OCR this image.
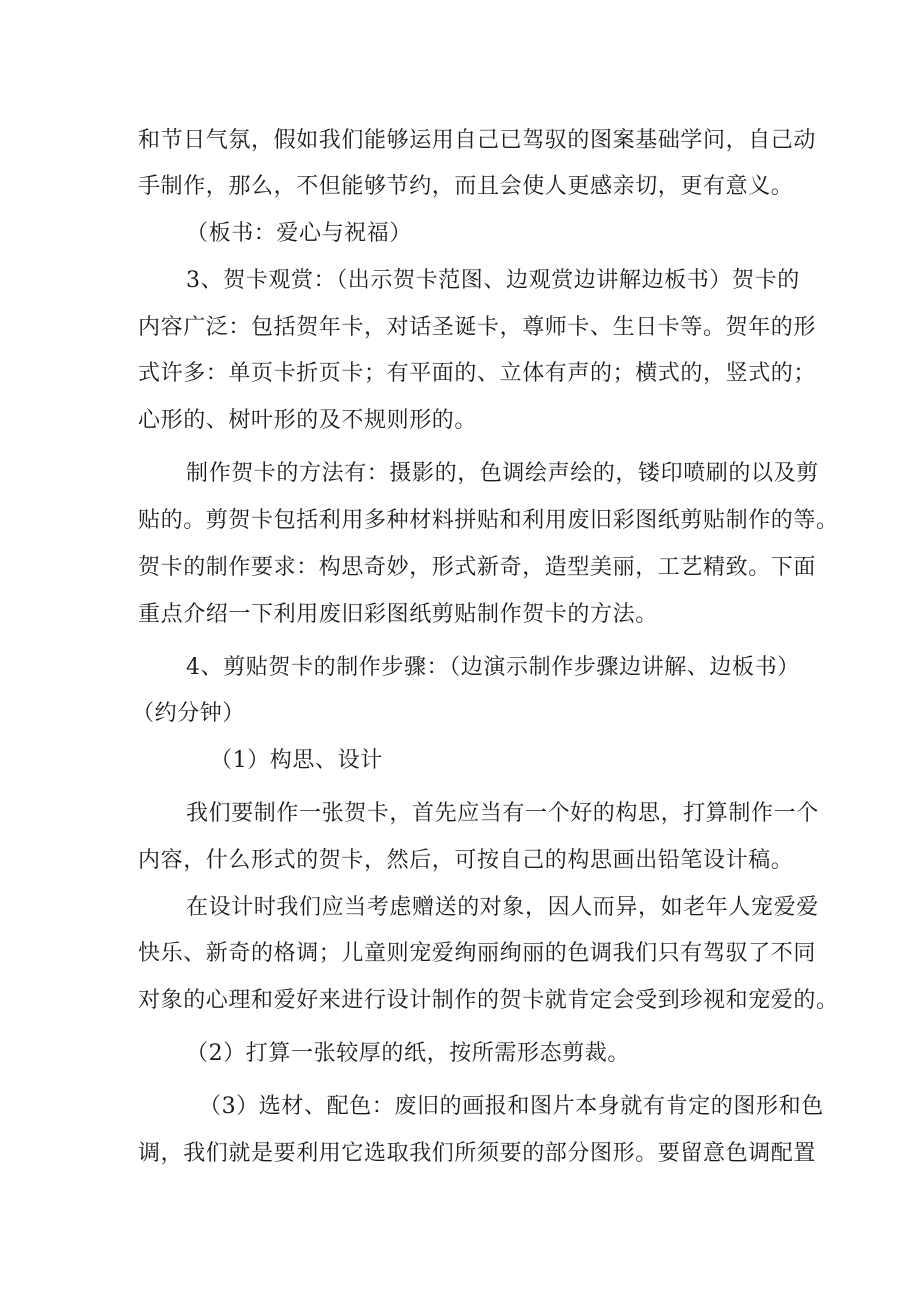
和节日气氛，假如我们能够运用自己已驾驭的图案基础学问，自己动
手制作，那么，不但能够节约，而且会使人更感亲切，更有意义。
（板书：爱心与祝福）
3、贺卡观赏：（出示贺卡范图、边观赏边讲解边板书）贺卡的
内容广泛：包括贺年卡，对话圣诞卡，尊师卡、生日卡等。贺年的形
式许多：单页卡折页卡；有平面的、立体有声的；横式的，竖式的；
心形的、树叶形的及不规则形的。
制作贺卡的方法有：摄影的，色调绘声绘的，镂印喷刷的以及剪
贴的。剪贺卡包括利用多种材料拼贴和利用废旧彩图纸剪贴制作的等。
贺卡的制作要求：构思奇妙，形式新奇，造型美丽，工艺精致。下面
重点介绍一下利用废旧彩图纸剪贴制作贺卡的方法。
4、剪贴贺卡的制作步骤：（边演示制作步骤边讲解、边板书）
（约分钟）
（1）构思、设计
我们要制作一张贺卡，首先应当有一个好的构思，打算制作一个
内容，什么形式的贺卡，然后，可按自己的构思画出铅笔设计稿。
在设计时我们应当考虑赠送的对象，因人而异，如老年人宠爱爱
快乐、新奇的格调；儿童则宠爱绚丽绚丽的色调我们只有驾驭了不同
对象的心理和爱好来进行设计制作的贺卡就肯定会受到珍视和宠爱的。
（2）打算一张较厚的纸，按所需形态剪裁。
（3）选材、配色：废旧的画报和图片本身就有肯定的图形和色
调，我们就是要利用它选取我们所须要的部分图形。要留意色调配置
